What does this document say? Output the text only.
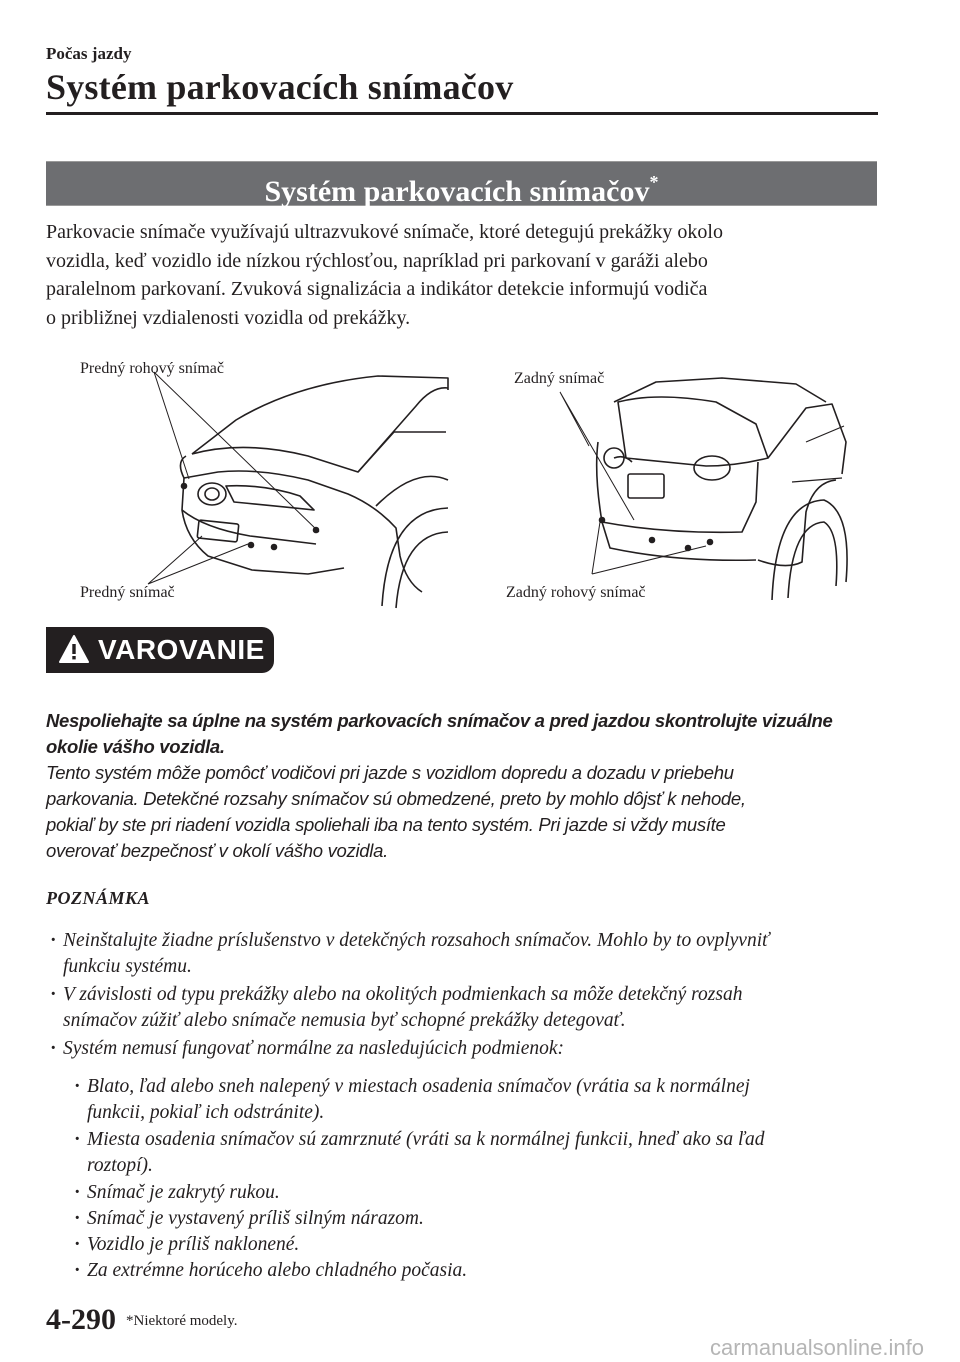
Počas jazdy
Systém parkovacích snímačov
Systém parkovacích snímačov*
Parkovacie snímače využívajú ultrazvukové snímače, ktoré detegujú prekážky okolo
vozidla, keď vozidlo ide nízkou rýchlosťou, napríklad pri parkovaní v garáži alebo
paralelnom parkovaní. Zvuková signalizácia a indikátor detekcie informujú vodiča
o približnej vzdialenosti vozidla od prekážky.
Predný rohový snímač
Predný snímač
Zadný snímač
Zadný rohový snímač
VAROVANIE
Nespoliehajte sa úplne na systém parkovacích snímačov a pred jazdou skontrolujte vizuálne
okolie vášho vozidla.
Tento systém môže pomôcť vodičovi pri jazde s vozidlom dopredu a dozadu v priebehu
parkovania. Detekčné rozsahy snímačov sú obmedzené, preto by mohlo dôjsť k nehode,
pokiaľ by ste pri riadení vozidla spoliehali iba na tento systém. Pri jazde si vždy musíte
overovať bezpečnosť v okolí vášho vozidla.
POZNÁMKA
· Neinštalujte žiadne príslušenstvo v detekčných rozsahoch snímačov. Mohlo by to ovplyvniť
funkciu systému.
· V závislosti od typu prekážky alebo na okolitých podmienkach sa môže detekčný rozsah
snímačov zúžiť alebo snímače nemusia byť schopné prekážky detegovať.
· Systém nemusí fungovať normálne za nasledujúcich podmienok:
· Blato, ľad alebo sneh nalepený v miestach osadenia snímačov (vrátia sa k normálnej
funkcii, pokiaľ ich odstránite).
· Miesta osadenia snímačov sú zamrznuté (vráti sa k normálnej funkcii, hneď ako sa ľad
roztopí).
· Snímač je zakrytý rukou.
· Snímač je vystavený príliš silným nárazom.
· Vozidlo je príliš naklonené.
· Za extrémne horúceho alebo chladného počasia.
4-290 *Niektoré modely.
carmanualsonline.info
